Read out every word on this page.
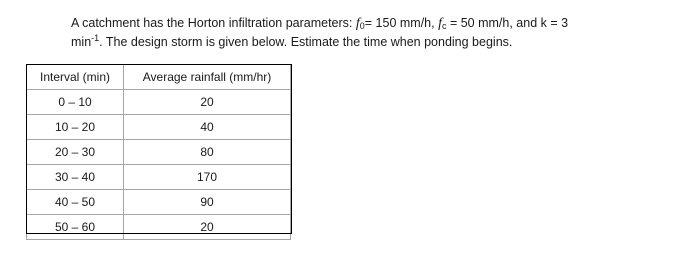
A catchment has the Horton infiltration parameters: $f_0= 150$ mm/h, $f_c = 50$ mm/h, and k = 3
$\min^{-1}$. The design storm is given below. Estimate the time when ponding begins.
Interval (min)	Average rainfall (mm/hr)
0 – 10	20
10 – 20	40
20 – 30	80
30 – 40	170
40 – 50	90
50 – 60	20
